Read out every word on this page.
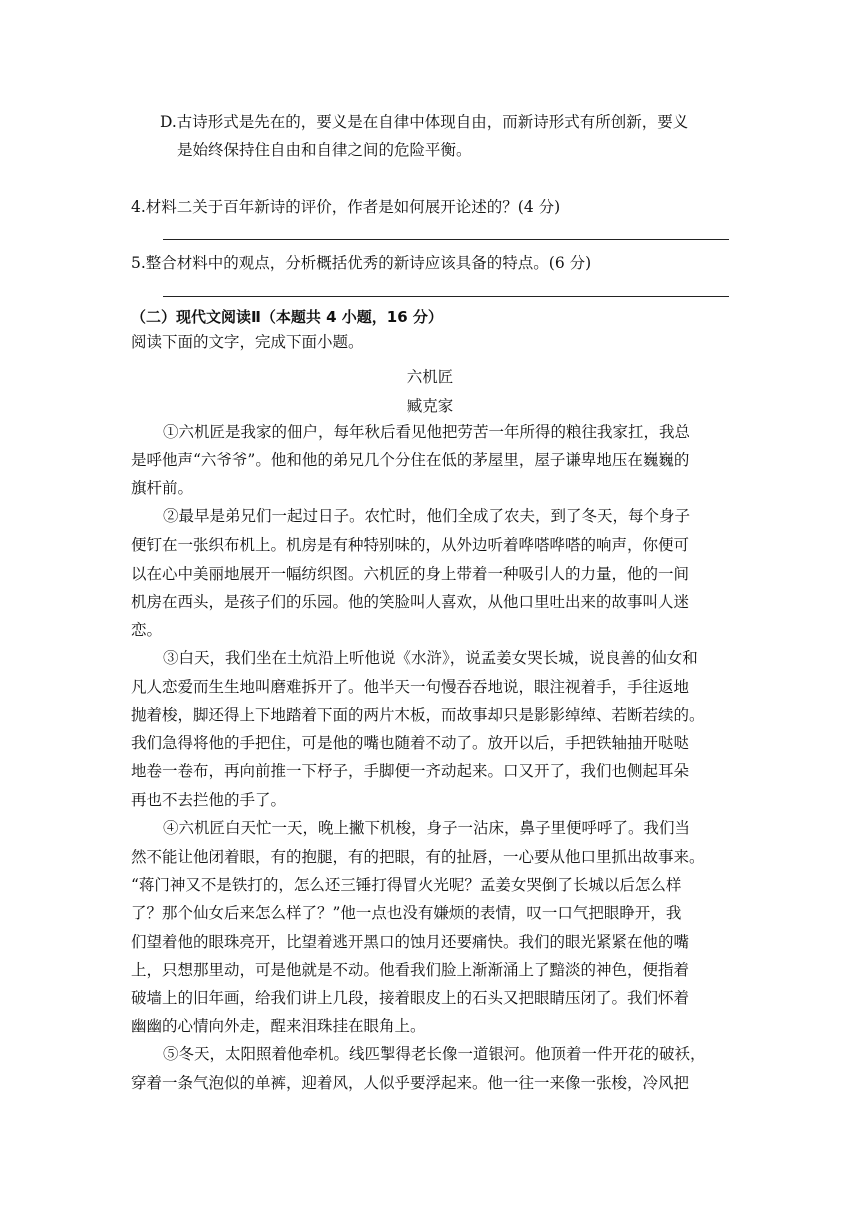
D.古诗形式是先在的，要义是在自律中体现自由，而新诗形式有所创新，要义
是始终保持住自由和自律之间的危险平衡。
4.材料二关于百年新诗的评价，作者是如何展开论述的？(4 分)
5.整合材料中的观点，分析概括优秀的新诗应该具备的特点。(6 分)
（二）现代文阅读Ⅱ（本题共 4 小题，16 分）
阅读下面的文字，完成下面小题。
六机匠
臧克家
①六机匠是我家的佃户，每年秋后看见他把劳苦一年所得的粮往我家扛，我总
是呼他声“六爷爷”。他和他的弟兄几个分住在低的茅屋里，屋子谦卑地压在巍巍的
旗杆前。
②最早是弟兄们一起过日子。农忙时，他们全成了农夫，到了冬天，每个身子
便钉在一张织布机上。机房是有种特别味的，从外边听着哗嗒哗嗒的响声，你便可
以在心中美丽地展开一幅纺织图。六机匠的身上带着一种吸引人的力量，他的一间
机房在西头，是孩子们的乐园。他的笑脸叫人喜欢，从他口里吐出来的故事叫人迷
恋。
③白天，我们坐在土炕沿上听他说《水浒》，说孟姜女哭长城，说良善的仙女和
凡人恋爱而生生地叫磨难拆开了。他半天一句慢吞吞地说，眼注视着手，手往返地
抛着梭，脚还得上下地踏着下面的两片木板，而故事却只是影影绰绰、若断若续的。
我们急得将他的手把住，可是他的嘴也随着不动了。放开以后，手把铁轴抽开哒哒
地卷一卷布，再向前推一下杼子，手脚便一齐动起来。口又开了，我们也侧起耳朵
再也不去拦他的手了。
④六机匠白天忙一天，晚上撇下机梭，身子一沾床，鼻子里便呼呼了。我们当
然不能让他闭着眼，有的抱腿，有的把眼，有的扯唇，一心要从他口里抓出故事来。
“蒋门神又不是铁打的，怎么还三锤打得冒火光呢？孟姜女哭倒了长城以后怎么样
了？那个仙女后来怎么样了？”他一点也没有嫌烦的表情，叹一口气把眼睁开，我
们望着他的眼珠亮开，比望着逃开黑口的蚀月还要痛快。我们的眼光紧紧在他的嘴
上，只想那里动，可是他就是不动。他看我们脸上渐渐涌上了黯淡的神色，便指着
破墙上的旧年画，给我们讲上几段，接着眼皮上的石头又把眼睛压闭了。我们怀着
幽幽的心情向外走，酲来泪珠挂在眼角上。
⑤冬天，太阳照着他牵机。线匹掣得老长像一道银河。他顶着一件开花的破袄，
穿着一条气泡似的单裤，迎着风，人似乎要浮起来。他一往一来像一张梭，冷风把
